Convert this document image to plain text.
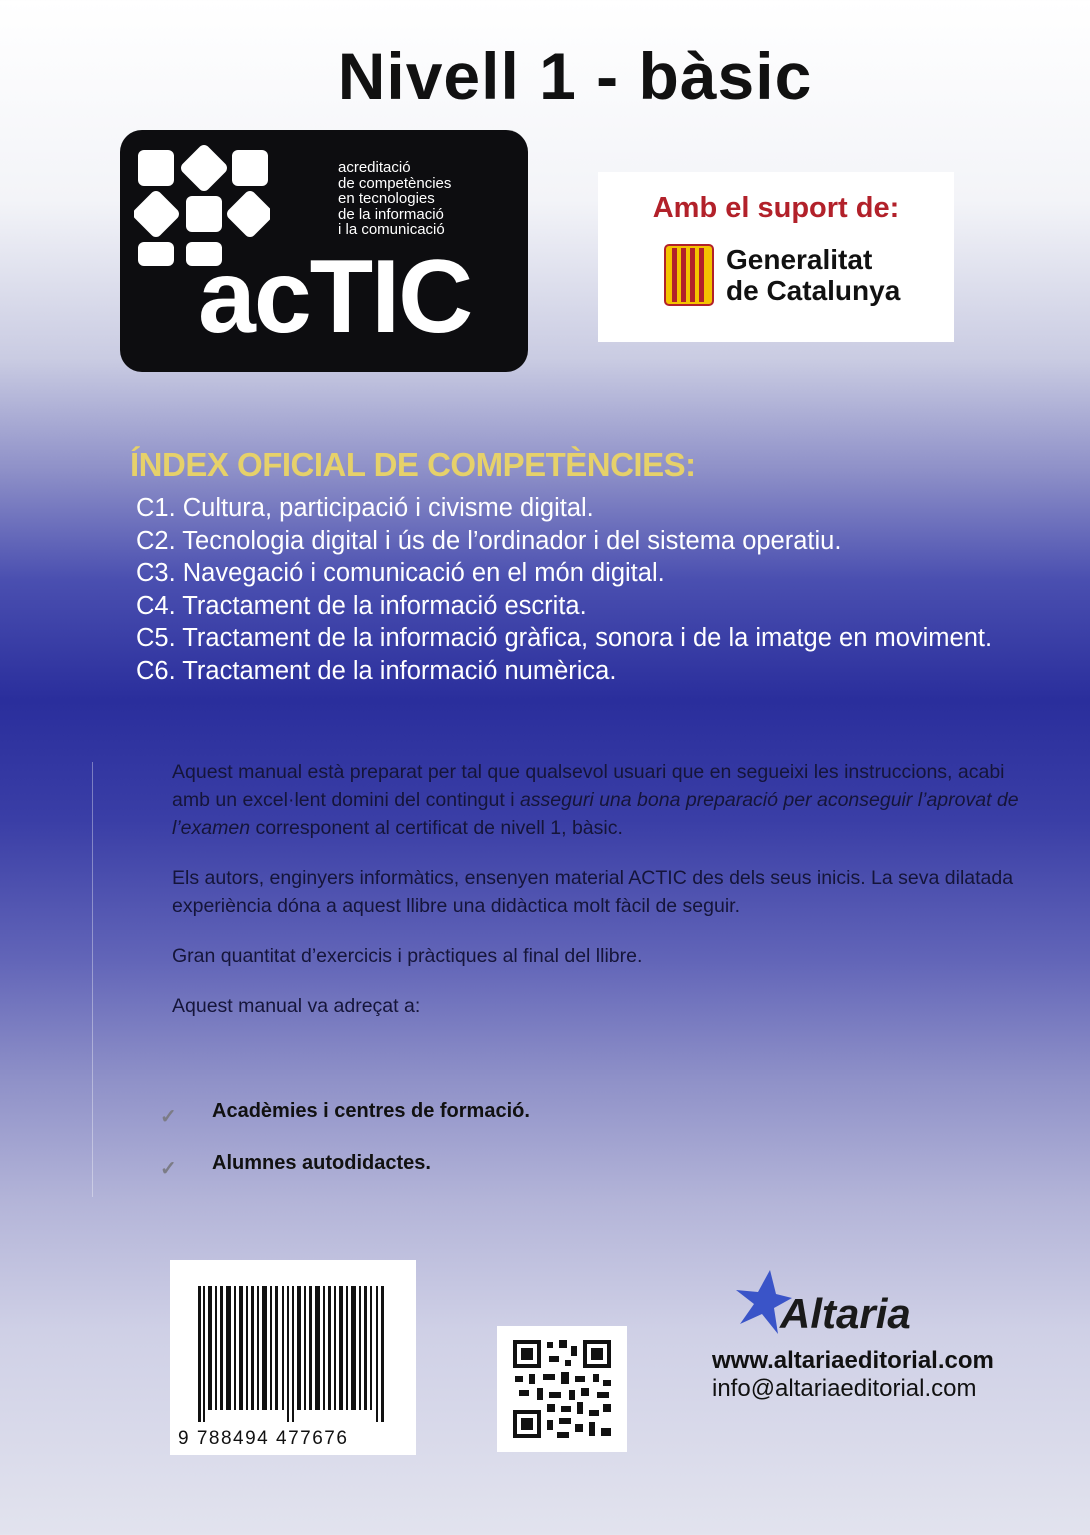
Nivell 1 - bàsic
acreditació
de competències
en tecnologies
de la informació
i la comunicació
acTIC
Amb el suport de:
Generalitat
de Catalunya
ÍNDEX OFICIAL DE COMPETÈNCIES:
C1. Cultura, participació i civisme digital.
C2. Tecnologia digital i ús de l’ordinador i del sistema operatiu.
C3. Navegació i comunicació en el món digital.
C4. Tractament de la informació escrita.
C5. Tractament de la informació gràfica, sonora i de la imatge en moviment.
C6. Tractament de la informació numèrica.

Aquest manual està preparat per tal que qualsevol usuari que en segueixi les instruccions, acabi amb un excel·lent domini del contingut i asseguri una bona preparació per aconseguir l’aprovat de l’examen corresponent al certificat de nivell 1, bàsic.

Els autors, enginyers informàtics, ensenyen material ACTIC des dels seus inicis. La seva dilatada experiència dóna a aquest llibre una didàctica molt fàcil de seguir.

Gran quantitat d’exercicis i pràctiques al final del llibre.

Aquest manual va adreçat a:

✓ Acadèmies i centres de formació.
✓ Alumnes autodidactes.
9 788494 477676
Altaria
www.altariaeditorial.com
info@altariaeditorial.com
